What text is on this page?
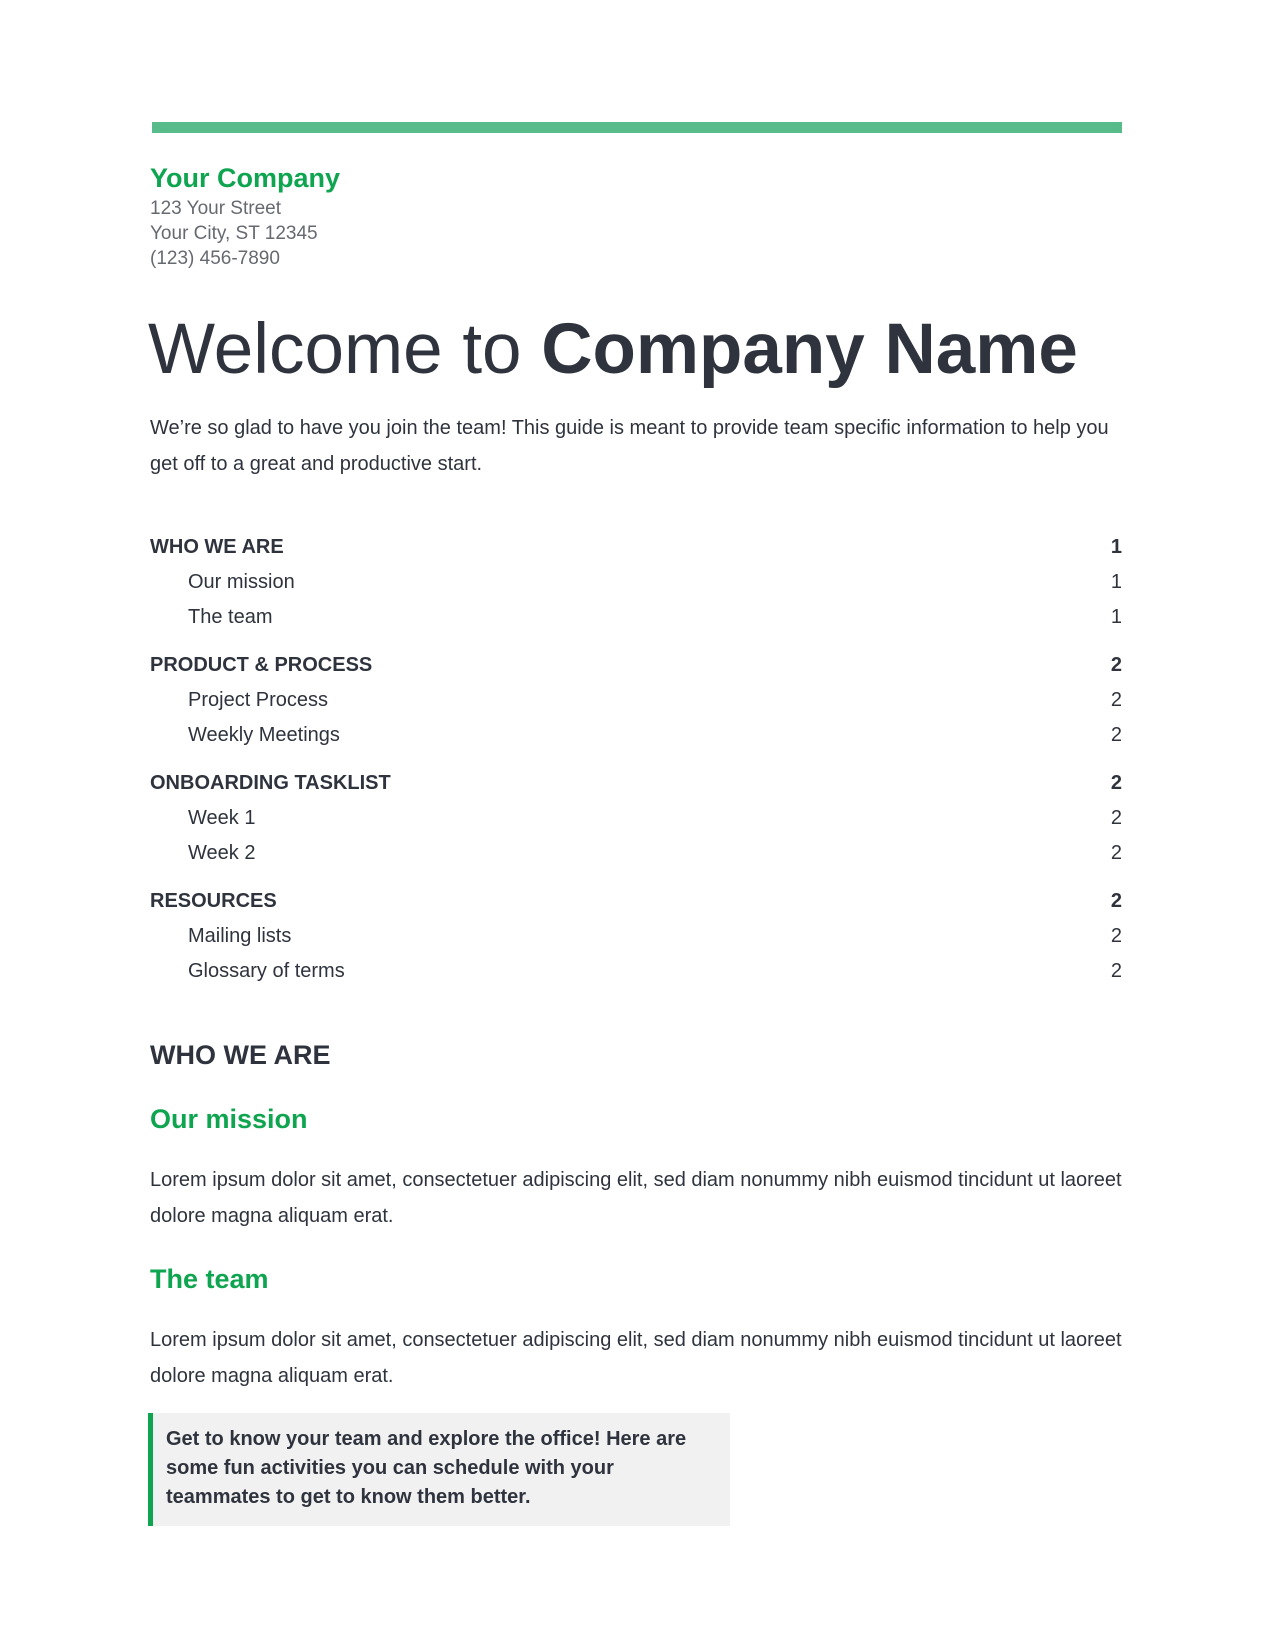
Your Company
123 Your Street
Your City, ST 12345
(123) 456-7890
Welcome to Company Name
We’re so glad to have you join the team! This guide is meant to provide team specific information to help you get off to a great and productive start.
WHO WE ARE	1
Our mission	1
The team	1
PRODUCT & PROCESS	2
Project Process	2
Weekly Meetings	2
ONBOARDING TASKLIST	2
Week 1	2
Week 2	2
RESOURCES	2
Mailing lists	2
Glossary of terms	2
WHO WE ARE
Our mission
Lorem ipsum dolor sit amet, consectetuer adipiscing elit, sed diam nonummy nibh euismod tincidunt ut laoreet dolore magna aliquam erat.
The team
Lorem ipsum dolor sit amet, consectetuer adipiscing elit, sed diam nonummy nibh euismod tincidunt ut laoreet dolore magna aliquam erat.
Get to know your team and explore the office! Here are some fun activities you can schedule with your teammates to get to know them better.
